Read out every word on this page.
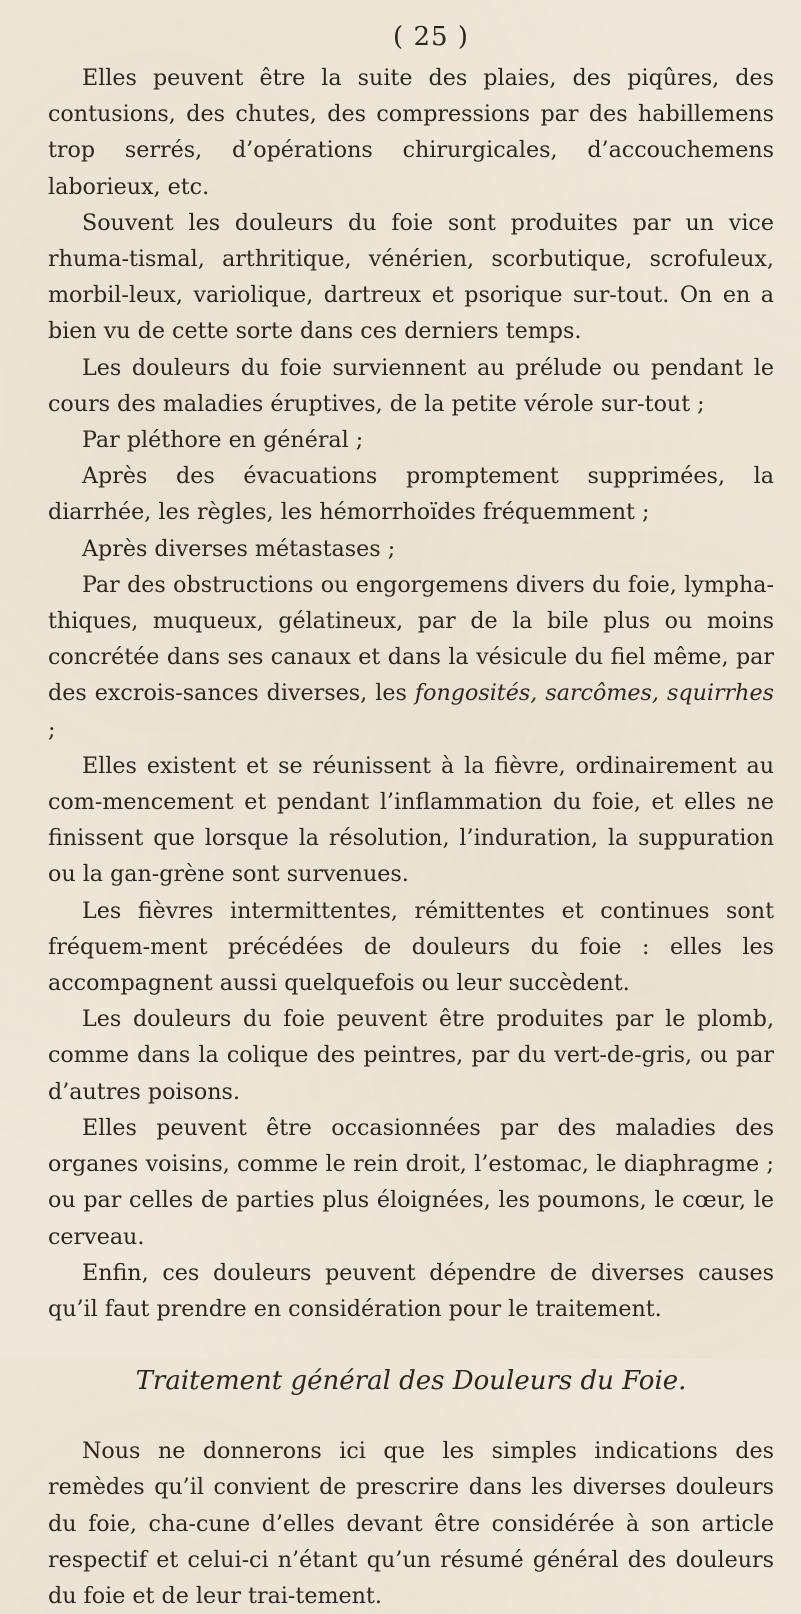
( 25 )

Elles peuvent être la suite des plaies, des piqûres, des contusions, des chutes, des compressions par des habillemens trop serrés, d’opérations chirurgicales, d’accouchemens laborieux, etc.

Souvent les douleurs du foie sont produites par un vice rhuma-tismal, arthritique, vénérien, scorbutique, scrofuleux, morbil-leux, variolique, dartreux et psorique sur-tout. On en a bien vu de cette sorte dans ces derniers temps.

Les douleurs du foie surviennent au prélude ou pendant le cours des maladies éruptives, de la petite vérole sur-tout ;

Par pléthore en général ;

Après des évacuations promptement supprimées, la diarrhée, les règles, les hémorrhoïdes fréquemment ;

Après diverses métastases ;

Par des obstructions ou engorgemens divers du foie, lympha-thiques, muqueux, gélatineux, par de la bile plus ou moins concrétée dans ses canaux et dans la vésicule du fiel même, par des excrois-sances diverses, les fongosités, sarcômes, squirrhes ;

Elles existent et se réunissent à la fièvre, ordinairement au com-mencement et pendant l’inflammation du foie, et elles ne finissent que lorsque la résolution, l’induration, la suppuration ou la gan-grène sont survenues.

Les fièvres intermittentes, rémittentes et continues sont fréquem-ment précédées de douleurs du foie : elles les accompagnent aussi quelquefois ou leur succèdent.

Les douleurs du foie peuvent être produites par le plomb, comme dans la colique des peintres, par du vert-de-gris, ou par d’autres poisons.

Elles peuvent être occasionnées par des maladies des organes voisins, comme le rein droit, l’estomac, le diaphragme ; ou par celles de parties plus éloignées, les poumons, le cœur, le cerveau.

Enfin, ces douleurs peuvent dépendre de diverses causes qu’il faut prendre en considération pour le traitement.

Traitement général des Douleurs du Foie.

Nous ne donnerons ici que les simples indications des remèdes qu’il convient de prescrire dans les diverses douleurs du foie, cha-cune d’elles devant être considérée à son article respectif et celui-ci n’étant qu’un résumé général des douleurs du foie et de leur trai-tement.
